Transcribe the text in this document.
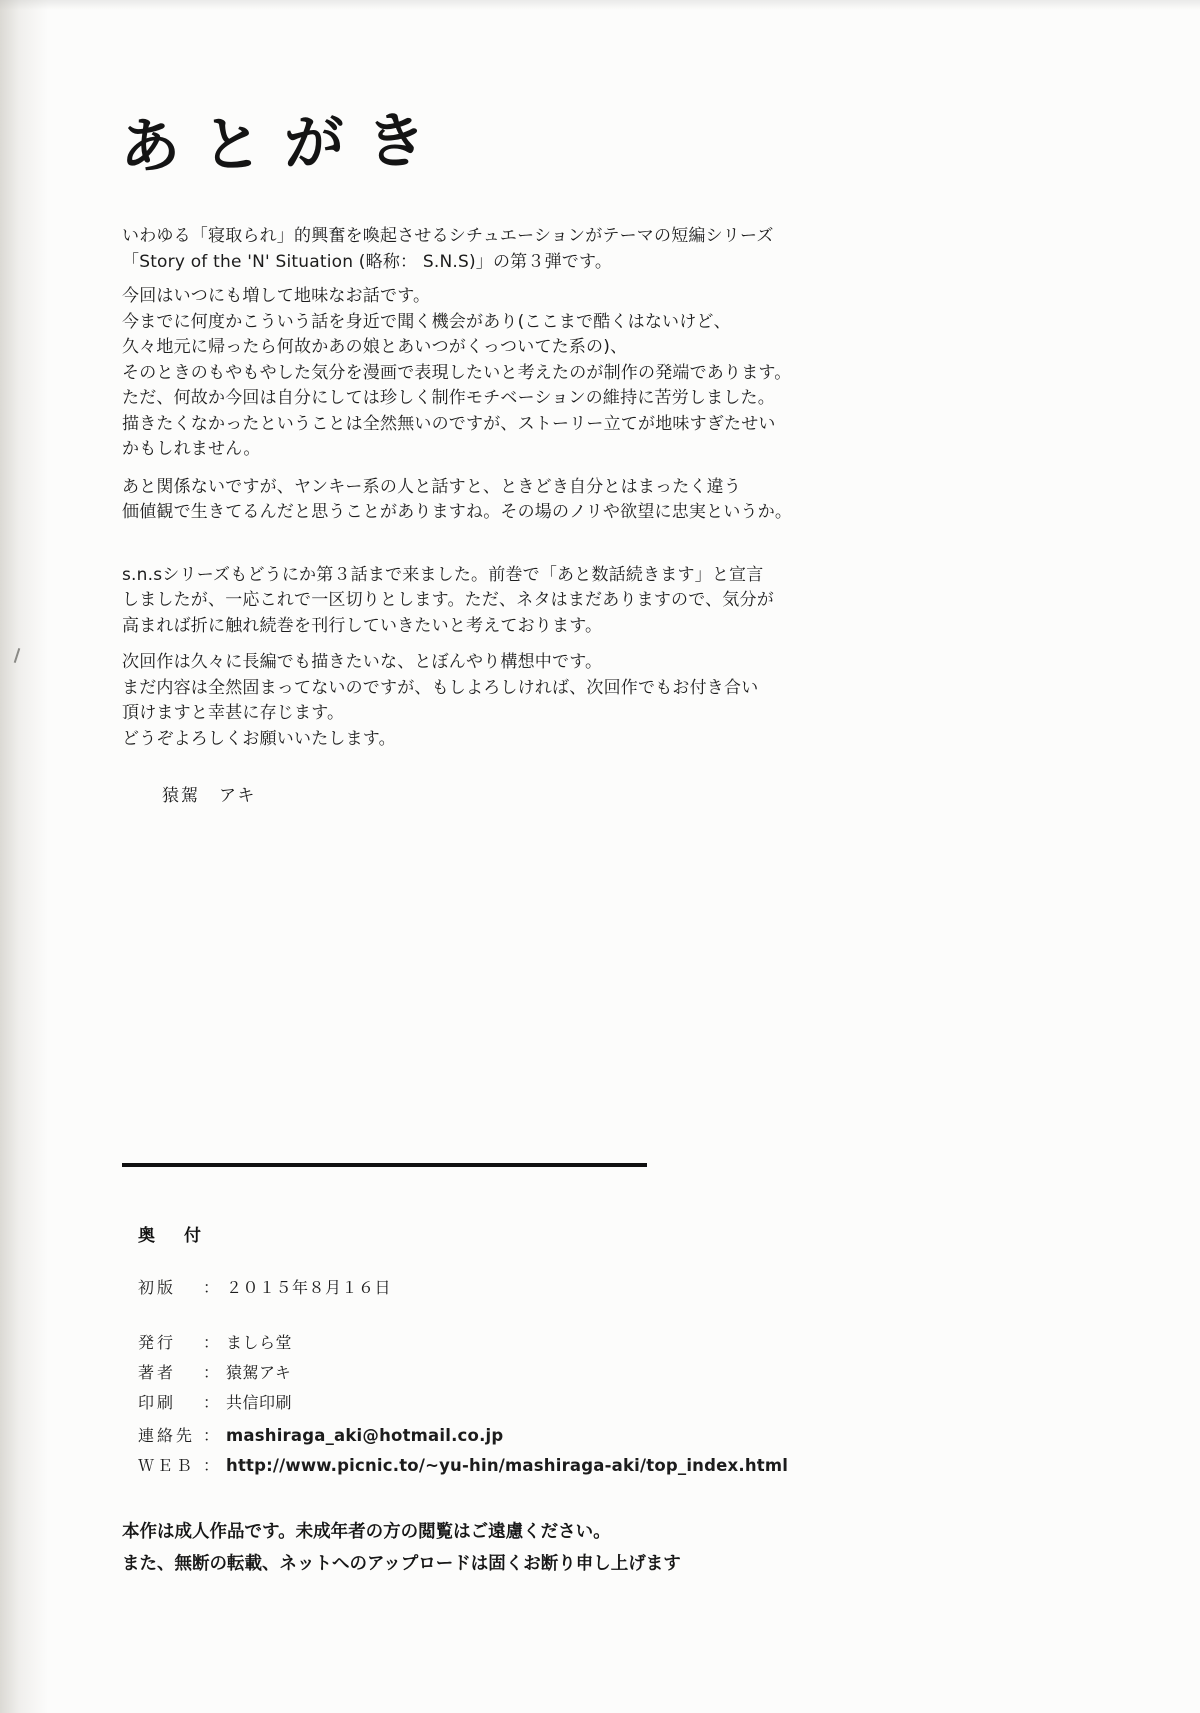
あとがき
いわゆる「寝取られ」的興奮を喚起させるシチュエーションがテーマの短編シリーズ
「Story of the 'N' Situation (略称： S.N.S)」の第３弾です。
今回はいつにも増して地味なお話です。
今までに何度かこういう話を身近で聞く機会があり(ここまで酷くはないけど、
久々地元に帰ったら何故かあの娘とあいつがくっついてた系の)、
そのときのもやもやした気分を漫画で表現したいと考えたのが制作の発端であります。
ただ、何故か今回は自分にしては珍しく制作モチベーションの維持に苦労しました。
描きたくなかったということは全然無いのですが、ストーリー立てが地味すぎたせい
かもしれません。
あと関係ないですが、ヤンキー系の人と話すと、ときどき自分とはまったく違う
価値観で生きてるんだと思うことがありますね。その場のノリや欲望に忠実というか。
s.n.sシリーズもどうにか第３話まで来ました。前巻で「あと数話続きます」と宣言
しましたが、一応これで一区切りとします。ただ、ネタはまだありますので、気分が
高まれば折に触れ続巻を刊行していきたいと考えております。
次回作は久々に長編でも描きたいな、とぼんやり構想中です。
まだ内容は全然固まってないのですが、もしよろしければ、次回作でもお付き合い
頂けますと幸甚に存じます。
どうぞよろしくお願いいたします。
猿駕　アキ
奥　付
初版	： ２０１５年８月１６日
発行	： ましら堂
著者	： 猿駕アキ
印刷	： 共信印刷
連絡先 ： mashiraga_aki@hotmail.co.jp
ＷＥＢ ： http://www.picnic.to/~yu-hin/mashiraga-aki/top_index.html
本作は成人作品です。未成年者の方の閲覧はご遠慮ください。
また、無断の転載、ネットへのアップロードは固くお断り申し上げます
